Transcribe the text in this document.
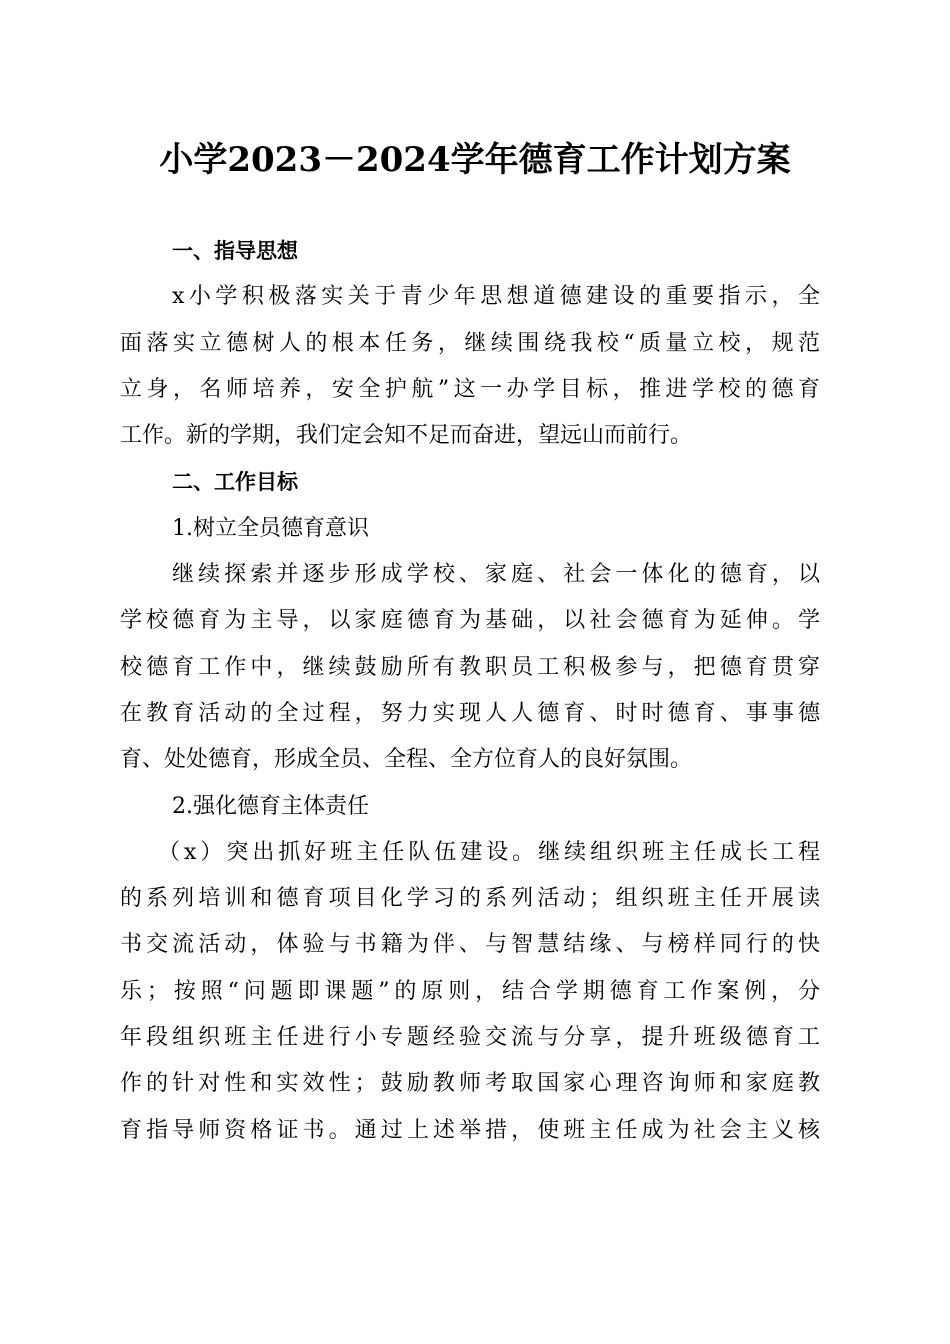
小学2023－2024学年德育工作计划方案
一、指导思想
x小学积极落实关于青少年思想道德建设的重要指示，全
面落实立德树人的根本任务，继续围绕我校“质量立校，规范
立身，名师培养，安全护航”这一办学目标，推进学校的德育
工作。新的学期，我们定会知不足而奋进，望远山而前行。
二、工作目标
1.树立全员德育意识
继续探索并逐步形成学校、家庭、社会一体化的德育，以
学校德育为主导，以家庭德育为基础，以社会德育为延伸。学
校德育工作中，继续鼓励所有教职员工积极参与，把德育贯穿
在教育活动的全过程，努力实现人人德育、时时德育、事事德
育、处处德育，形成全员、全程、全方位育人的良好氛围。
2.强化德育主体责任
（x）突出抓好班主任队伍建设。继续组织班主任成长工程
的系列培训和德育项目化学习的系列活动；组织班主任开展读
书交流活动，体验与书籍为伴、与智慧结缘、与榜样同行的快
乐；按照“问题即课题”的原则，结合学期德育工作案例，分
年段组织班主任进行小专题经验交流与分享，提升班级德育工
作的针对性和实效性；鼓励教师考取国家心理咨询师和家庭教
育指导师资格证书。通过上述举措，使班主任成为社会主义核
